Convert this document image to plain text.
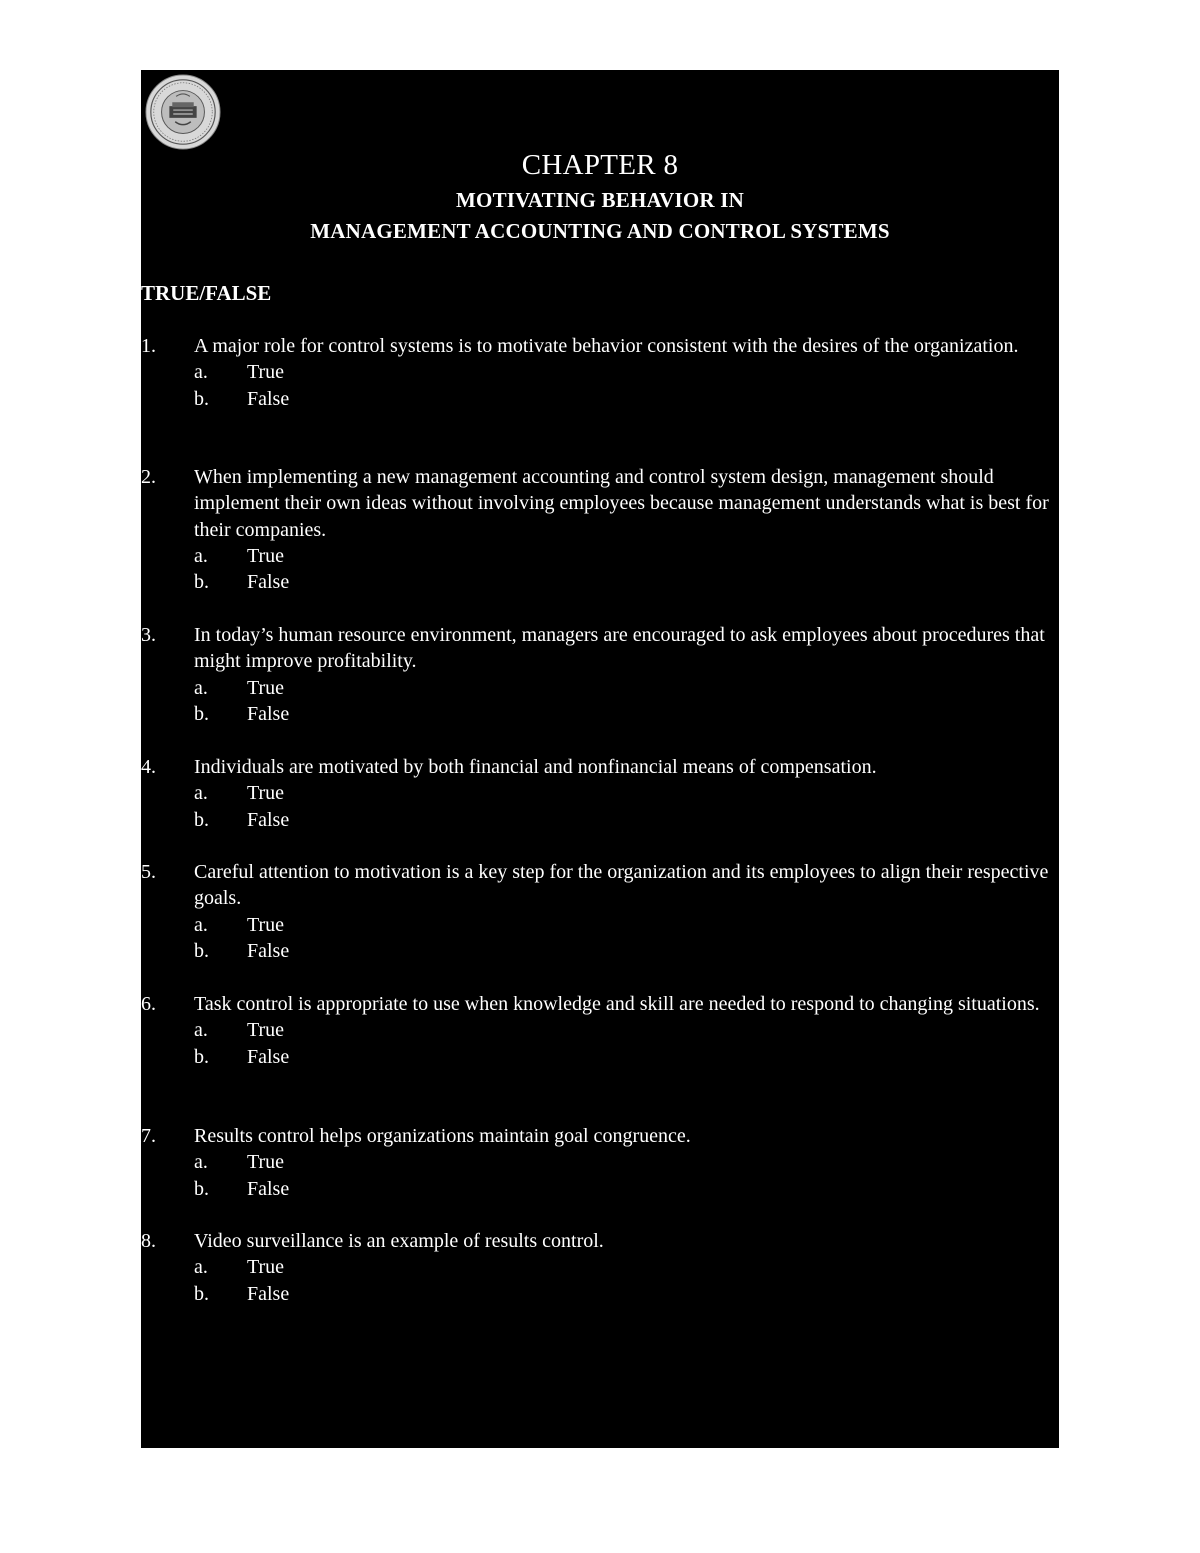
CHAPTER 8
MOTIVATING BEHAVIOR IN
MANAGEMENT ACCOUNTING AND CONTROL SYSTEMS
TRUE/FALSE
1. A major role for control systems is to motivate behavior consistent with the desires of the organization.
a. True
b. False
2. When implementing a new management accounting and control system design, management should implement their own ideas without involving employees because management understands what is best for their companies.
a. True
b. False
3. In today’s human resource environment, managers are encouraged to ask employees about procedures that might improve profitability.
a. True
b. False
4. Individuals are motivated by both financial and nonfinancial means of compensation.
a. True
b. False
5. Careful attention to motivation is a key step for the organization and its employees to align their respective goals.
a. True
b. False
6. Task control is appropriate to use when knowledge and skill are needed to respond to changing situations.
a. True
b. False
7. Results control helps organizations maintain goal congruence.
a. True
b. False
8. Video surveillance is an example of results control.
a. True
b. False
